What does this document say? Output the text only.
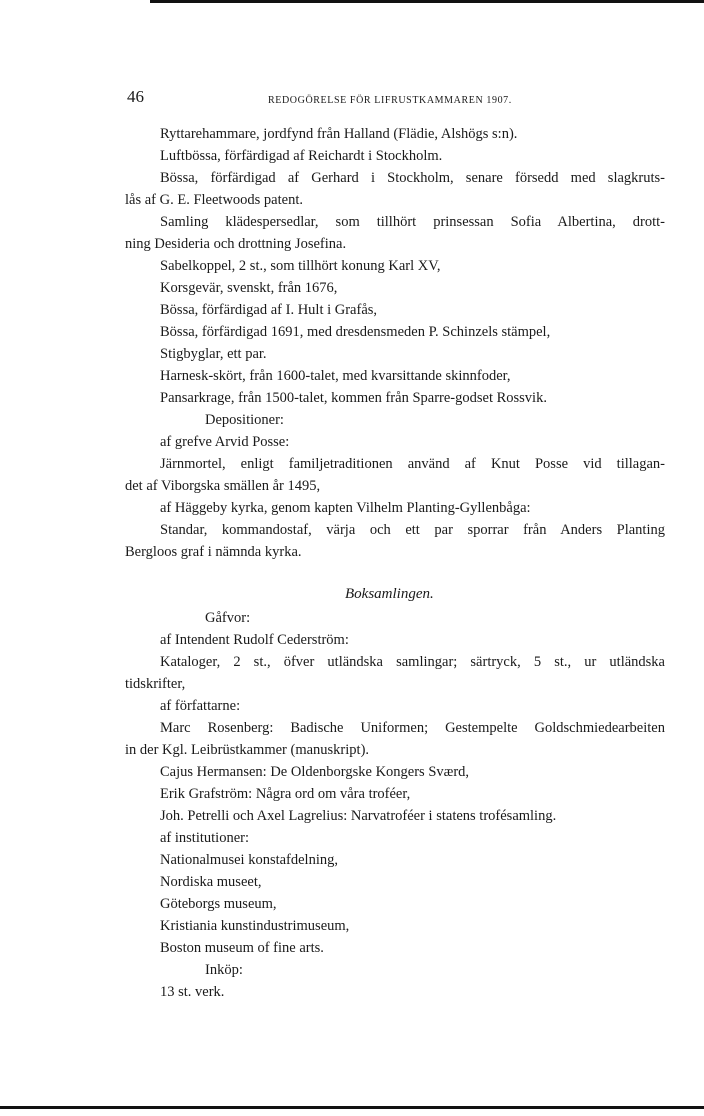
46	REDOGÖRELSE FÖR LIFRUSTKAMMAREN 1907.
Ryttarehammare, jordfynd från Halland (Flädie, Alshögs s:n).
Luftbössa, förfärdigad af Reichardt i Stockholm.
Bössa, förfärdigad af Gerhard i Stockholm, senare försedd med slagkruts-
lås af G. E. Fleetwoods patent.
Samling klädespersedlar, som tillhört prinsessan Sofia Albertina, drott-
ning Desideria och drottning Josefina.
Sabelkoppel, 2 st., som tillhört konung Karl XV,
Korsgevär, svenskt, från 1676,
Bössa, förfärdigad af I. Hult i Grafås,
Bössa, förfärdigad 1691, med dresdensmeden P. Schinzels stämpel,
Stigbyglar, ett par.
Harnesk-skört, från 1600-talet, med kvarsittande skinnfoder,
Pansarkrage, från 1500-talet, kommen från Sparre-godset Rossvik.
Depositioner:
af grefve Arvid Posse:
Järnmortel, enligt familjetraditionen använd af Knut Posse vid tillagan-
det af Viborgska smällen år 1495,
af Häggeby kyrka, genom kapten Vilhelm Planting-Gyllenbåga:
Standar, kommandostaf, värja och ett par sporrar från Anders Planting
Bergloos graf i nämnda kyrka.
Boksamlingen.
Gåfvor:
af Intendent Rudolf Cederström:
Kataloger, 2 st., öfver utländska samlingar; särtryck, 5 st., ur utländska
tidskrifter,
af författarne:
Marc Rosenberg: Badische Uniformen; Gestempelte Goldschmiedearbeiten
in der Kgl. Leibrüstkammer (manuskript).
Cajus Hermansen: De Oldenborgske Kongers Sværd,
Erik Grafström: Några ord om våra troféer,
Joh. Petrelli och Axel Lagrelius: Narvatroféer i statens trofésamling.
af institutioner:
Nationalmusei konstafdelning,
Nordiska museet,
Göteborgs museum,
Kristiania kunstindustrimuseum,
Boston museum of fine arts.
Inköp:
13 st. verk.
